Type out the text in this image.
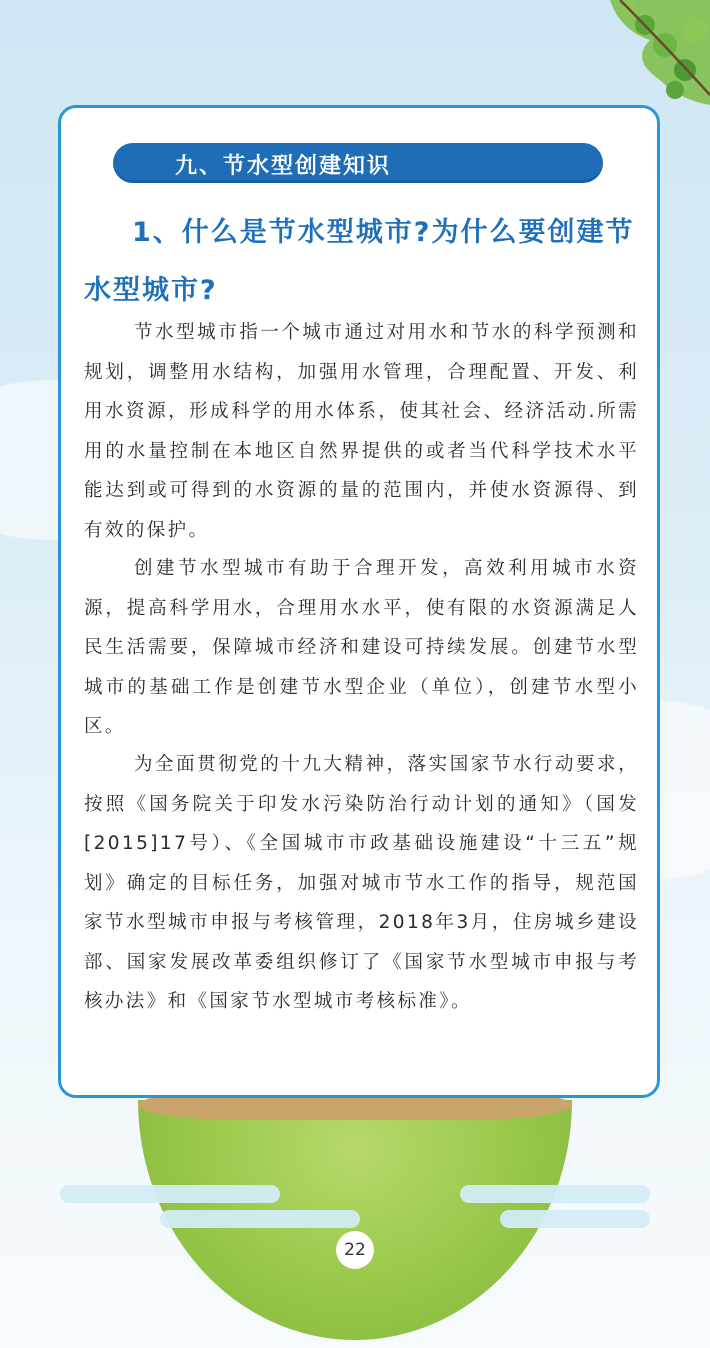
22
九、节水型创建知识
1、什么是节水型城市?为什么要创建节水型城市?

节水型城市指一个城市通过对用水和节水的科学预测和规划，调整用水结构，加强用水管理，合理配置、开发、利用水资源，形成科学的用水体系，使其社会、经济活动.所需用的水量控制在本地区自然界提供的或者当代科学技术水平能达到或可得到的水资源的量的范围内，并使水资源得、到有效的保护。

创建节水型城市有助于合理开发，高效利用城市水资源，提高科学用水，合理用水水平，使有限的水资源满足人民生活需要，保障城市经济和建设可持续发展。创建节水型城市的基础工作是创建节水型企业（单位），创建节水型小区。

为全面贯彻党的十九大精神，落实国家节水行动要求， 按照《国务院关于印发水污染防治行动计划的通知》（国发[2015]17号）、《全国城市市政基础设施建设“十三五”规划》确定的目标任务，加强对城市节水工作的指导，规范国家节水型城市申报与考核管理，2018年3月，住房城乡建设部、国家发展改革委组织修订了《国家节水型城市申报与考核办法》和《国家节水型城市考核标准》。
